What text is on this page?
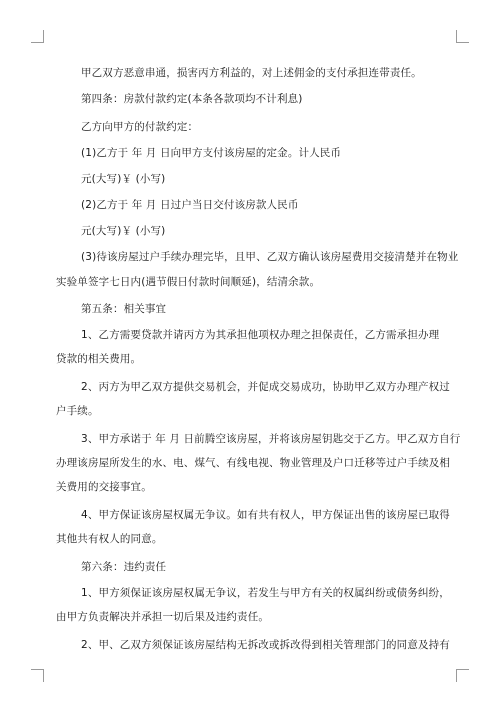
甲乙双方恶意串通，损害丙方利益的，对上述佣金的支付承担连带责任。
第四条：房款付款约定(本条各款项均不计利息)
乙方向甲方的付款约定：
(1)乙方于 年 月 日向甲方支付该房屋的定金。计人民币
元(大写)￥ (小写)
(2)乙方于 年 月 日过户当日交付该房款人民币
元(大写)￥ (小写)
(3)待该房屋过户手续办理完毕，且甲、乙双方确认该房屋费用交接清楚并在物业
实验单签字七日内(遇节假日付款时间顺延)，结清余款。
第五条：相关事宜
1、乙方需要贷款并请丙方为其承担他项权办理之担保责任，乙方需承担办理
贷款的相关费用。
2、丙方为甲乙双方提供交易机会，并促成交易成功，协助甲乙双方办理产权过
户手续。
3、甲方承诺于 年 月 日前腾空该房屋，并将该房屋钥匙交于乙方。甲乙双方自行
办理该房屋所发生的水、电、煤气、有线电视、物业管理及户口迁移等过户手续及相
关费用的交接事宜。
4、甲方保证该房屋权属无争议。如有共有权人，甲方保证出售的该房屋已取得
其他共有权人的同意。
第六条：违约责任
1、甲方须保证该房屋权属无争议，若发生与甲方有关的权属纠纷或债务纠纷，
由甲方负责解决并承担一切后果及违约责任。
2、甲、乙双方须保证该房屋结构无拆改或拆改得到相关管理部门的同意及持有
